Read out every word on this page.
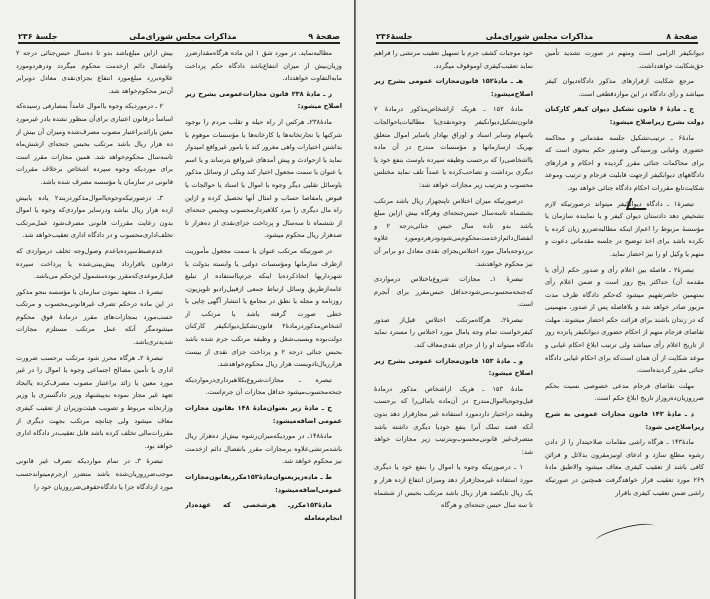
صفحهٔ ۹
مذاکرات مجلس شورای‌ملی
جلسهٔ ۲۳۶

مطالبه‌نماید. در مورد شق ۱ این ماده هرگاه‌مقدارضرر وزیان‌بیش از میزان انتفاع‌باشد دادگاه حکم پرداخت مابه‌التفاوت خواهدداد.

ز ـ مادهٔ ۲۳۸ قانون مجازات‌عمومی بشرح زیر اصلاح میشود:

مادهٔ۲۳۸ـ هرکس از راه حیله و تقلب مردم را بوجود شرکتها یا تجارتخانه‌ها یا کارخانه‌ها یا مؤسسات موهوم یا بداشتن اختیارات واهی مغرور کند یا بامور غیرواقع امیدوار نماید یا ازحوادث و پیش آمدهای غیرواقع بترساند و یا اسم یا عنوان یا سمت مجعول اختیار کند ویکی از وسائل مذکور یاوسائل تقلبی دیگر وجوه یا اموال یا اسناد یا حوالجات یا قبوض یامفاصا حساب و امثال آنها تحصیل کرده و ازاین راه مال دیگری را ببرد کلاهبردارمحسوب وبحبس جنحه‌ای از ششماه تا سه‌سال و پرداخت جزای‌نقدی از ده‌هزار تا صدهزار ریال محکوم میشود.

در صورتیکه مرتکب عنوان یا سمت مجعول مأموریت ازطرف سازمانها ومؤسسات دولتی یا وابسته بدولت یا شهرداریها اتخاذکرده‌یا اینکه جرم‌بااستفاده از تبلیغ عامه‌ازطریق وسائل ارتباط جمعی ازقبیل‌رادیو تلویزیون، روزنامه و مجله یا نطق در مجامع یا انتشار آگهی چاپی یا خطی صورت گرفته باشد یا مرتکب از اشخاص‌مذکوردرمادهٔ۲ قانون‌تشکیل‌دیوانکیفر کارکنان دولت‌بوده وبسبب‌شغل و وظیفه مرتکب جرم شده باشد بحبس جنائی درجه ۲ و پرداخت جزای نقدی از بیست هزارریال‌تادویست هزار ریال محکوم‌خواهدشد.

تبصره ـ مجازات‌شروع‌بکلاهبرداری‌درمواردیکه جنحه‌محسوب‌میشود حداقل مجازات آن جرم‌است.

ح ـ مادهٔ زیر بعنوان‌مادهٔ ۱۴۸ بقانون مجازات عمومی اضافه‌میشود:

مادهٔ۱۴۸ـ در موردیکه‌میزان‌رشوه بیش‌از ده‌هزار ریال باشدمرتشی‌علاوه برمجازات مقرر بانفصال دائم ازخدمت نیز محکوم خواهد شد.

ط ـ ماده‌زیربعنوان‌مادهٔ۱۵۳مکرربقانون‌مجازات عمومی‌اضافه‌میشود:

مادهٔ۱۵۳مکررـ هرشخصی که عهده‌دار انجام‌معامله

بیش ازاین مبلغ‌باشد بدو تا ده‌سال حبس‌جنائی درجه ۲ وانفصال دائم ازخدمت محکوم میگردد ودرهردومورد علاوه‌بررد مبلغ‌مورد انتفاع بجزای‌نقدی معادل دوبرابر آن‌نیز محکوم‌خواهد شد.

۲ ـ درموردیکه وجوه یااموال عامداً بمصارفی رسیده‌که اساساً درقانون اعتباری برای‌آن منظور نشده یادر غیرمورد معین یازائدبراعتبار مصوب مصرف‌شده ومیزان آن بیش از ده هزار ریال باشد مرتکب بحبس جنحه‌ای ازشش‌ماه تاسه‌سال محکوم‌خواهد شد. همین مجازات مقرر است برای موردیکه وجوه سپرده اشخاص برخلاف مقررات قانونی در سازمان یا مؤسسه مصرف شده باشد.

۳ـ درصورتیکه‌وجوه‌یااموال‌مذکوردربند۲ یاده یابیش ازده هزار ریال نباشد ودرسایر مواردی‌که وجوه یا اموال بدون رعایت مقررات قانونی مصرف‌شود عمل‌مرتکب تخلف‌اداری‌محسوب و در دادگاه اداری تعقیب‌خواهد شد.

عدم‌ضبط‌سپرده‌یاعدم وصول‌وجه تخلف درمواردی که درقانون یاقرارداد پیش‌بینی‌شده یا پرداخت سپرده قبل‌ازموعدی‌که‌مقرر بوده‌مشمول این‌حکم می‌باشد.

تبصرهٔ ۱ـ متعهد نمودن سازمان یا مؤسسه بنحو مذکور در این ماده درحکم تصرف غیرقانونی‌محسوب و مرتکب حسب‌مورد بمجازات‌های مقرر درمادهٔ فوق محکوم میشودمگر آنکه عمل مرتکب مستلزم مجازات شدیدتری‌باشد.

تبصرهٔ ۲ـ هرگاه محرز شود مرتکب برحسب ضرورت اداری یا تأمین مصالح اجتماعی وجوه یا اموال را در غیر مورد معین یا زائد براعتبار مصوب مصرف‌کرده یاایجاد تعهد غیر مجاز نموده به‌پیشنهاد وزیر دادگستری یا وزیر وزارتخانه مربوط و تصویب هیئت‌وزیران از تعقیب کیفری معاف میشود ولی چنانچه مرتکب بجهت دیگری از مقررات‌مالی تخلف کرده باشد قابل تعقیب‌در دادگاه اداری خواهد بود.

تبصرهٔ ۳ـ در تمام مواردیکه تصرف غیر قانونی موجب‌ضرروزیان‌شده باشد متضرر ازجرم‌میتواندحسب مورد ازدادگاه جزا یا دادگاه‌حقوقی‌ضرروزیان خود را

صفحهٔ ۸
مذاکرات مجلس شورای‌ملی
جلسهٔ۲۳۶

دیوانکیفر الزامی است ومتهم در صورت تشدید تأمین حق‌شکایت خواهدداشت.

مرجع شکایت ازقرارهای مذکور دادگاه‌دیوان کیفر میباشد و رأی دادگاه در این مواردقطعی است.

ج ـ مادهٔ ۶ قانون تشکیل دیوان کیفر کارکنان دولت بشرح زیراصلاح میشود:

مادهٔ۶ ـ ترتیب‌تشکیل جلسه مقدماتی و محاکمه حضوری وغیابی ورسیدگی وصدور حکم بنحوی است که برای محاکمات جنائی مقرر گردیده و احکام و قرارهای دادگاههای دیوانکیفر ازجهت قابلیت فرجام و ترتیب وموعد شکایت‌تابع مقررات احکام دادگاه جنائی خواهد بود.

تبصرهٔ۱ ـ دادگاه دیوانکیفر میتواند درصورتیکه لازم تشخیص دهد دادستان دیوان کیفر و یا نماینده سازمان یا مؤسسهٔ مربوط را اعم‌از اینکه مطالبه‌ضررو زیان کرده یا نکرده باشد برای اخذ توضیح در جلسه مقدماتی دعوت و متهم یا وکیل او را نیز احضار نماید.

تبصرهٔ۲ ـ فاصله بین اعلام رأی و صدور حکم (رأی یا مقدمه آن) حداکثر پنج روز است و ضمن اعلام رأی بمتهمین حاضرتفهیم میشود که‌حکم دادگاه ظرف مدت مزبور صادر خواهد شد و بلافاصله پس از صدور، متهمینی که در زندان باشند برای قرائت حکم احضار میشوند. مهلت تقاضای فرجام متهم از احکام حضوری دیوانکیفر پانزده روز از تاریخ اعلام رأی میباشد ولی ترتیب ابلاغ احکام غیابی و موعد شکایت از آن همان است‌که برای احکام غیابی دادگاه جنائی مقرر گردیده‌است.

مهلت تقاضای فرجام مدعی خصوصی نسبت بحکم ضرروزیان‌ده‌روزاز تاریخ ابلاغ حکم است.

د ـ مادهٔ ۱۴۳ قانون مجازات عمومی به شرح زیراصلاح‌می شود:

مادهٔ۱۴۳ ـ هرگاه راشی مقامات صلاحیتدار را از دادن رشوه مطلع سازد و ادعای اونیزمقرون بدلائل و قرائن کافی باشد از تعقیب کیفری معاف میشود والاطبق مادهٔ ۲۶۹ مورد تعقیب قرار خواهدگرفت همچنین در صورتیکه راشی ضمن تعقیب کیفری باقرار

خود موجبات کشف جرم یا تسهیل تعقیب مرتشی را فراهم نماید تعقیب‌کیفری اوموقوف میگردد.

هـ ـ مادهٔ۱۵۲ قانون‌مجازات عمومی بشرح زیر اصلاح‌میشود:

مادهٔ ۱۵۲ ـ هریک ازاشخاص‌مذکور درمادهٔ ۲ قانون‌تشکیل‌دیوانکیفر وجوه‌نقدی‌یا مطالبات‌یاحوالجات یاسهام وسایر اسناد و اوراق بهادار یاسایر اموال متعلق بهریک ازسازمانها و مؤسسات مندرج در آن ماده یااشخاصی‌را که برحسب وظیفه سپرده باوست بنفع خود یا دیگری برداشت و تصاحب‌کرده یا عمداً تلف نماید مختلس محسوب و بترتیب زیر مجازات خواهد شد:

درصورتیکه میزان اختلاس تاپنجهزار ریال باشد مرتکب بششماه تاسه‌سال حبس‌جنحه‌ای وهرگاه بیش ازاین مبلغ باشد بدو تاده سال حبس جنائی‌درجه ۲ و انفصال‌دائم‌ازخدمت‌محکوم‌می‌شودودرهردومورد علاوه بررد‌وجه‌یامال مورد اختلاس‌بجزای نقدی معادل دو برابر آن نیز محکوم خواهدشد.

تبصرهٔ ۱ـ مجازات شروع‌باختلاس درمواردی که‌جنحه‌محسوب‌می‌شودحداقل حبس‌مقرر برای آنجرم است.

تبصرهٔ۲ـ هرگاه‌مرتکب اختلاس قبل‌از صدور کیفرخواست تمام وجه یامال مورد اختلاس را مسترد نماید دادگاه میتواند او را از جزای نقدی‌معاف کند.

و ـ مادهٔ ۱۵۳ قانون‌مجازات عمومی بشرح زیر اصلاح میشود:

مادهٔ ۱۵۳ ـ هریک ازاشخاص مذکور درمادهٔ قبل‌وجوه‌یااموال‌مندرج در آن‌ماده یامالی‌را که برحسب وظیفه دراختیار دارد‌مورد استفاده غیر مجازقرار دهد بدون آنکه قصد تملک آنرا بنفع خودیا دیگری داشته باشد متصرف‌غیر قانونی‌محسوب‌و‌بترتیب زیر مجازات خواهد شد:

۱ ـ درصورتیکه وجوه یا اموال را بنفع خود یا دیگری مورد استفاده غیرمجازقرار دهد ومیزان انتفاع ازده هزار و یک ریال تایکصد هزار ریال باشد مرتکب بحبس از ششماه تا سه سال حبس جنحه‌ای و هرگاه
